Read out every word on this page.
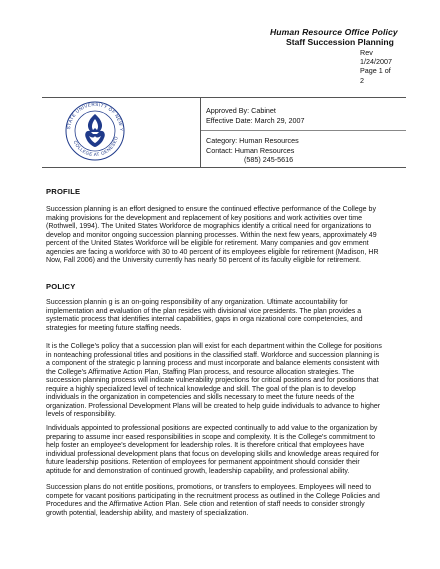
Human Resource Office Policy
Staff Succession Planning
Rev
1/24/2007
Page 1 of
2
STATE UNIVERSITY OF NEW Y
COLLEGE AT GENESEO
Approved By: Cabinet
Effective Date: March 29, 2007
Category: Human Resources
Contact: Human Resources
(585) 245-5616
PROFILE
Succession planning is an effort designed to ensure the continued effective performance of the College by
making provisions for the development and replacement of key positions and work activities over time
(Rothwell, 1994). The United States Workforce de mographics identify a critical need for organizations to
develop and monitor ongoing succession planning processes. Within the next few years, approximately 49
percent of the United States Workforce will be eligible for retirement. Many companies and gov ernment
agencies are facing a workforce with 30 to 40 percent of its employees eligible for retirement (Madison, HR
Now, Fall 2006) and the University currently has nearly 50 percent of its faculty eligible for retirement.
POLICY
Succession plannin g is an on-going responsibility of any organization. Ultimate accountability for
implementation and evaluation of the plan resides with divisional vice presidents. The plan provides a
systematic process that identifies internal capabilities, gaps in orga nizational core competencies, and
strategies for meeting future staffing needs.
It is the College's policy that a succession plan will exist for each department within the College for positions
in nonteaching professional titles and positions in the classified staff. Workforce and succession planning is
a component of the strategic p lanning process and must incorporate and balance elements consistent with
the College's Affirmative Action Plan, Staffing Plan process, and resource allocation strategies. The
succession planning process will indicate vulnerability projections for critical positions and for positions that
require a highly specialized level of technical knowledge and skill. The goal of the plan is to develop
individuals in the organization in competencies and skills necessary to meet the future needs of the
organization. Professional Development Plans will be created to help guide individuals to advance to higher
levels of responsibility.
Individuals appointed to professional positions are expected continually to add value to the organization by
preparing to assume incr eased responsibilities in scope and complexity. It is the College's commitment to
help foster an employee's development for leadership roles. It is therefore critical that employees have
individual professional development plans that focus on developing skills and knowledge areas required for
future leadership positions. Retention of employees for permanent appointment should consider their
aptitude for and demonstration of continued growth, leadership capability, and professional ability.
Succession plans do not entitle positions, promotions, or transfers to employees. Employees will need to
compete for vacant positions participating in the recruitment process as outlined in the College Policies and
Procedures and the Affirmative Action Plan. Sele ction and retention of staff needs to consider strongly
growth potential, leadership ability, and mastery of specialization.
